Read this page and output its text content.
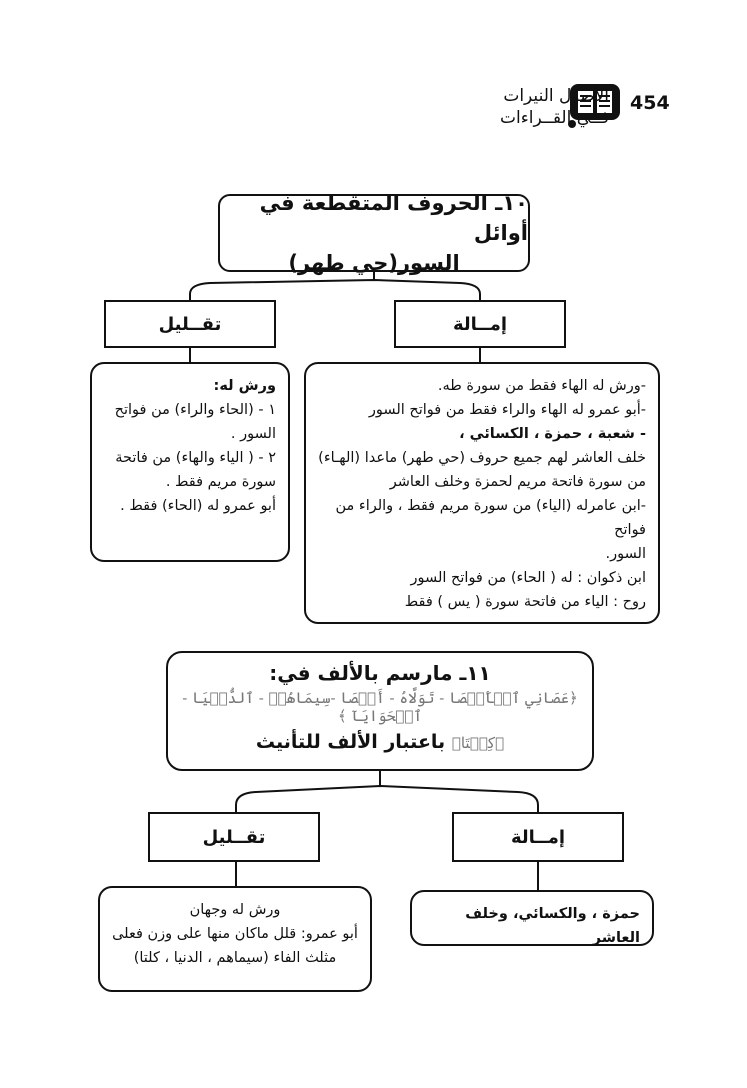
454
الأصول النيرات
فــي القــراءات
١٠ـ الحروف المتقطعة في أوائل
السور(حي طهر)
إمــالة
تقــليل
-ورش له الهاء فقط من سورة طه.
-أبو عمرو له الهاء والراء فقط من فواتح السور
- شعبة ، حمزة ، الكسائي ،
خلف العاشر لهم جميع حروف (حي طهر) ماعدا (الهـاء)
من سورة فاتحة مريم لحمزة وخلف العاشر
-ابن عامرله (الياء) من سورة مريم فقط ، والراء من فواتح
السور.
ابن ذكوان : له ( الحاء) من فواتح السور
روح : الياء من فاتحة سورة ( يس ) فقط
ورش له:
١ - (الحاء والراء) من فواتح
السور .
٢ - ( الياء والهاء) من فاتحة
سورة مريم فقط .
أبو عمرو له (الحاء) فقط .
١١ـ مارسم بالألف في:
﴿عَصَانِي ٱلۡأَقۡصَا - تَوَلَّاهُ - أَقۡصَا -سِيمَاهُمۡ - ٱلدُّنۡيَا - ٱلۡحَوَايَآ ﴾
﴿كِلۡتَا﴾ باعتبار الألف للتأنيث
إمــالة
تقــليل
حمزة ، والكسائي، وخلف العاشر
ورش له وجهان
أبو عمرو: قلل ماكان منها على وزن فعلى
مثلث الفاء (سيماهم ، الدنيا ، كلتا)
